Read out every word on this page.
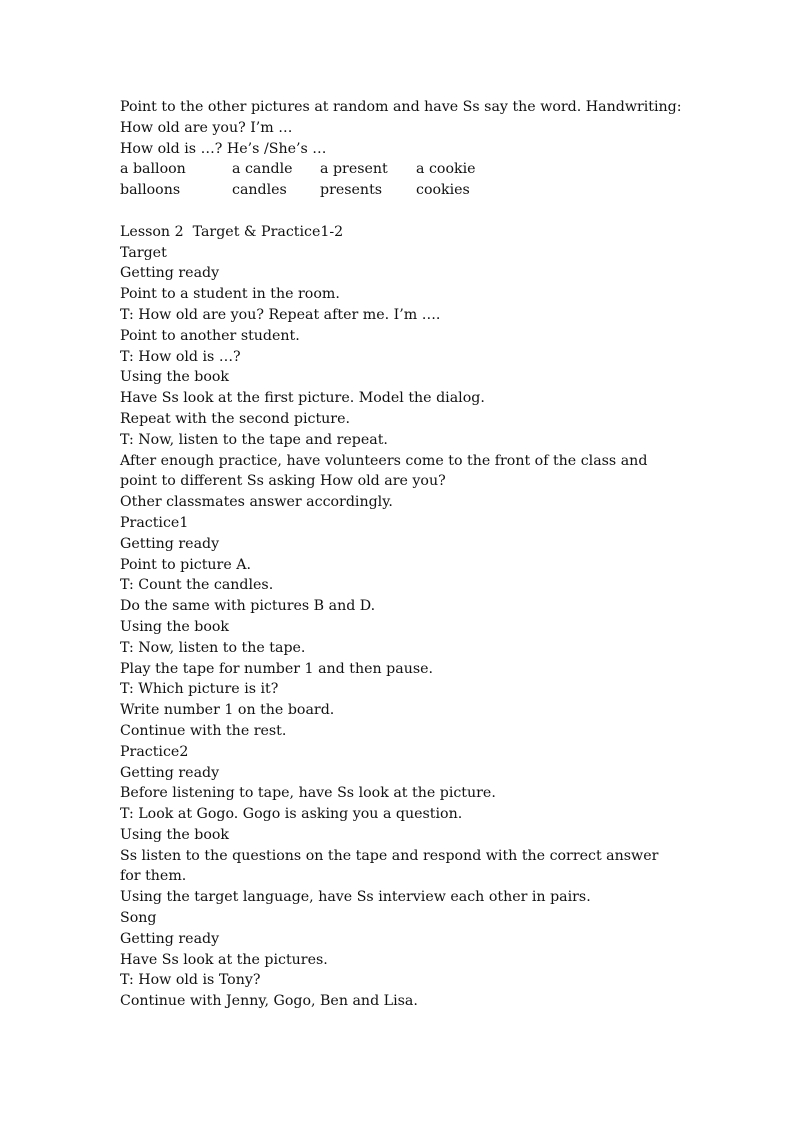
Point to the other pictures at random and have Ss say the word. Handwriting:
How old are you? I’m …
How old is …? He’s /She’s …
a balloon	a candle	a present	a cookie
balloons	candles	presents	cookies
Lesson 2  Target & Practice1-2
Target
Getting ready
Point to a student in the room.
T: How old are you? Repeat after me. I’m ….
Point to another student.
T: How old is …?
Using the book
Have Ss look at the first picture. Model the dialog.
Repeat with the second picture.
T: Now, listen to the tape and repeat.
After enough practice, have volunteers come to the front of the class and point to different Ss asking How old are you?
Other classmates answer accordingly.
Practice1
Getting ready
Point to picture A.
T: Count the candles.
Do the same with pictures B and D.
Using the book
T: Now, listen to the tape.
Play the tape for number 1 and then pause.
T: Which picture is it?
Write number 1 on the board.
Continue with the rest.
Practice2
Getting ready
Before listening to tape, have Ss look at the picture.
T: Look at Gogo. Gogo is asking you a question.
Using the book
Ss listen to the questions on the tape and respond with the correct answer for them.
Using the target language, have Ss interview each other in pairs.
Song
Getting ready
Have Ss look at the pictures.
T: How old is Tony?
Continue with Jenny, Gogo, Ben and Lisa.
